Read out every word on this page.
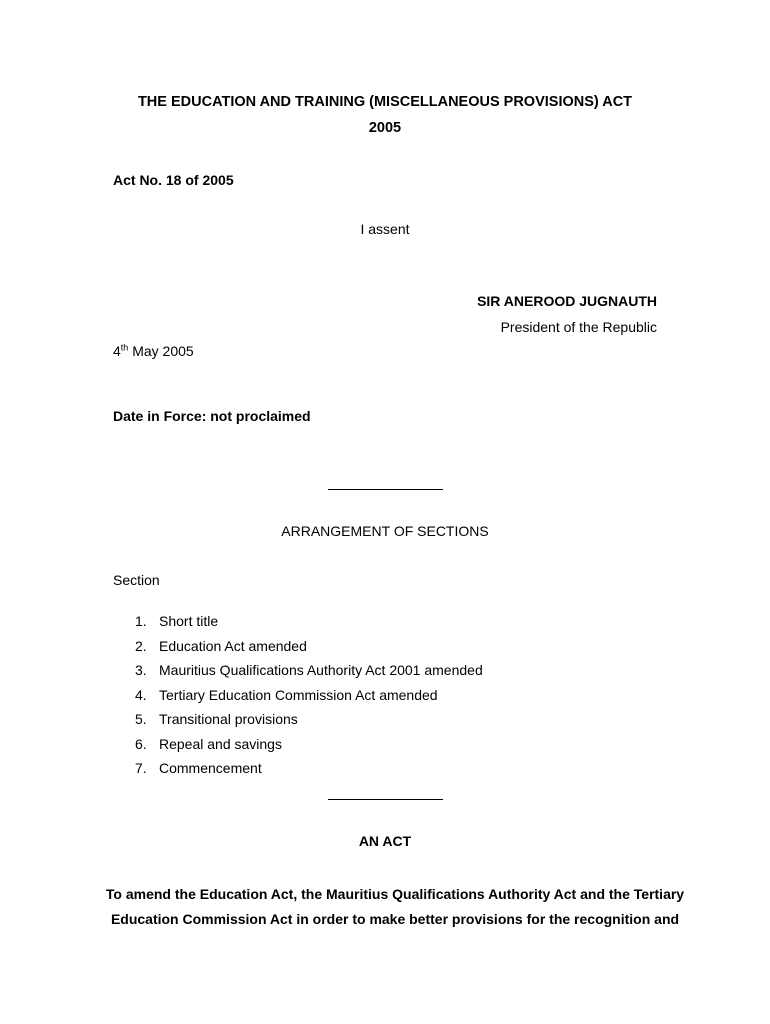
THE EDUCATION AND TRAINING (MISCELLANEOUS PROVISIONS) ACT
2005
Act No. 18 of 2005
I assent
SIR ANEROOD JUGNAUTH
President of the Republic
4th May 2005
Date in Force: not proclaimed
ARRANGEMENT OF SECTIONS
Section
1. Short title
2. Education Act amended
3. Mauritius Qualifications Authority Act 2001 amended
4. Tertiary Education Commission Act amended
5. Transitional provisions
6. Repeal and savings
7. Commencement
AN ACT
To amend the Education Act, the Mauritius Qualifications Authority Act and the Tertiary
Education Commission Act in order to make better provisions for the recognition and
